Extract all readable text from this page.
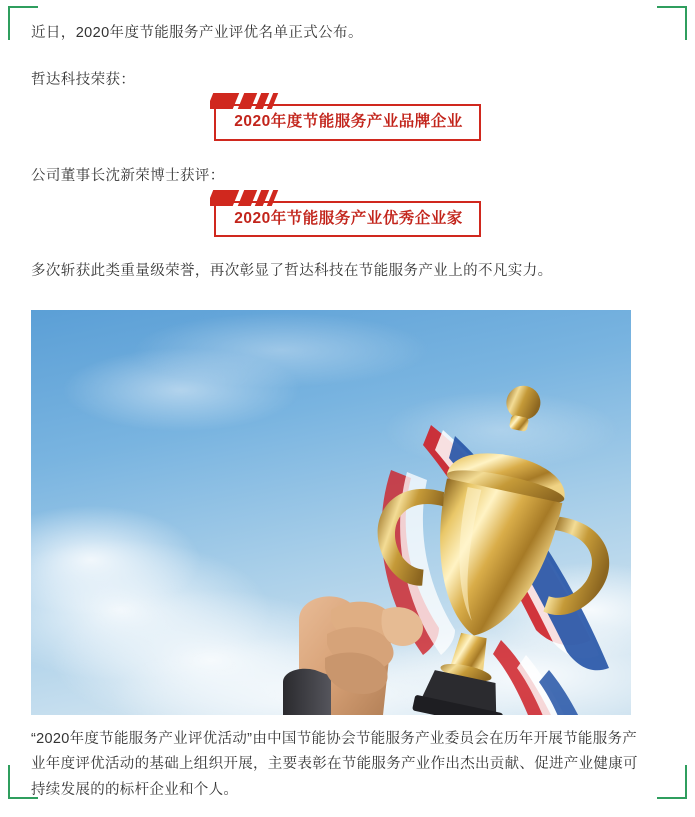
近日，2020年度节能服务产业评优名单正式公布。

哲达科技荣获：

2020年度节能服务产业品牌企业

公司董事长沈新荣博士获评：

2020年节能服务产业优秀企业家

多次斩获此类重量级荣誉，再次彰显了哲达科技在节能服务产业上的不凡实力。

“2020年度节能服务产业评优活动”由中国节能协会节能服务产业委员会在历年开展节能服务产业年度评优活动的基础上组织开展，主要表彰在节能服务产业作出杰出贡献、促进产业健康可持续发展的的标杆企业和个人。
